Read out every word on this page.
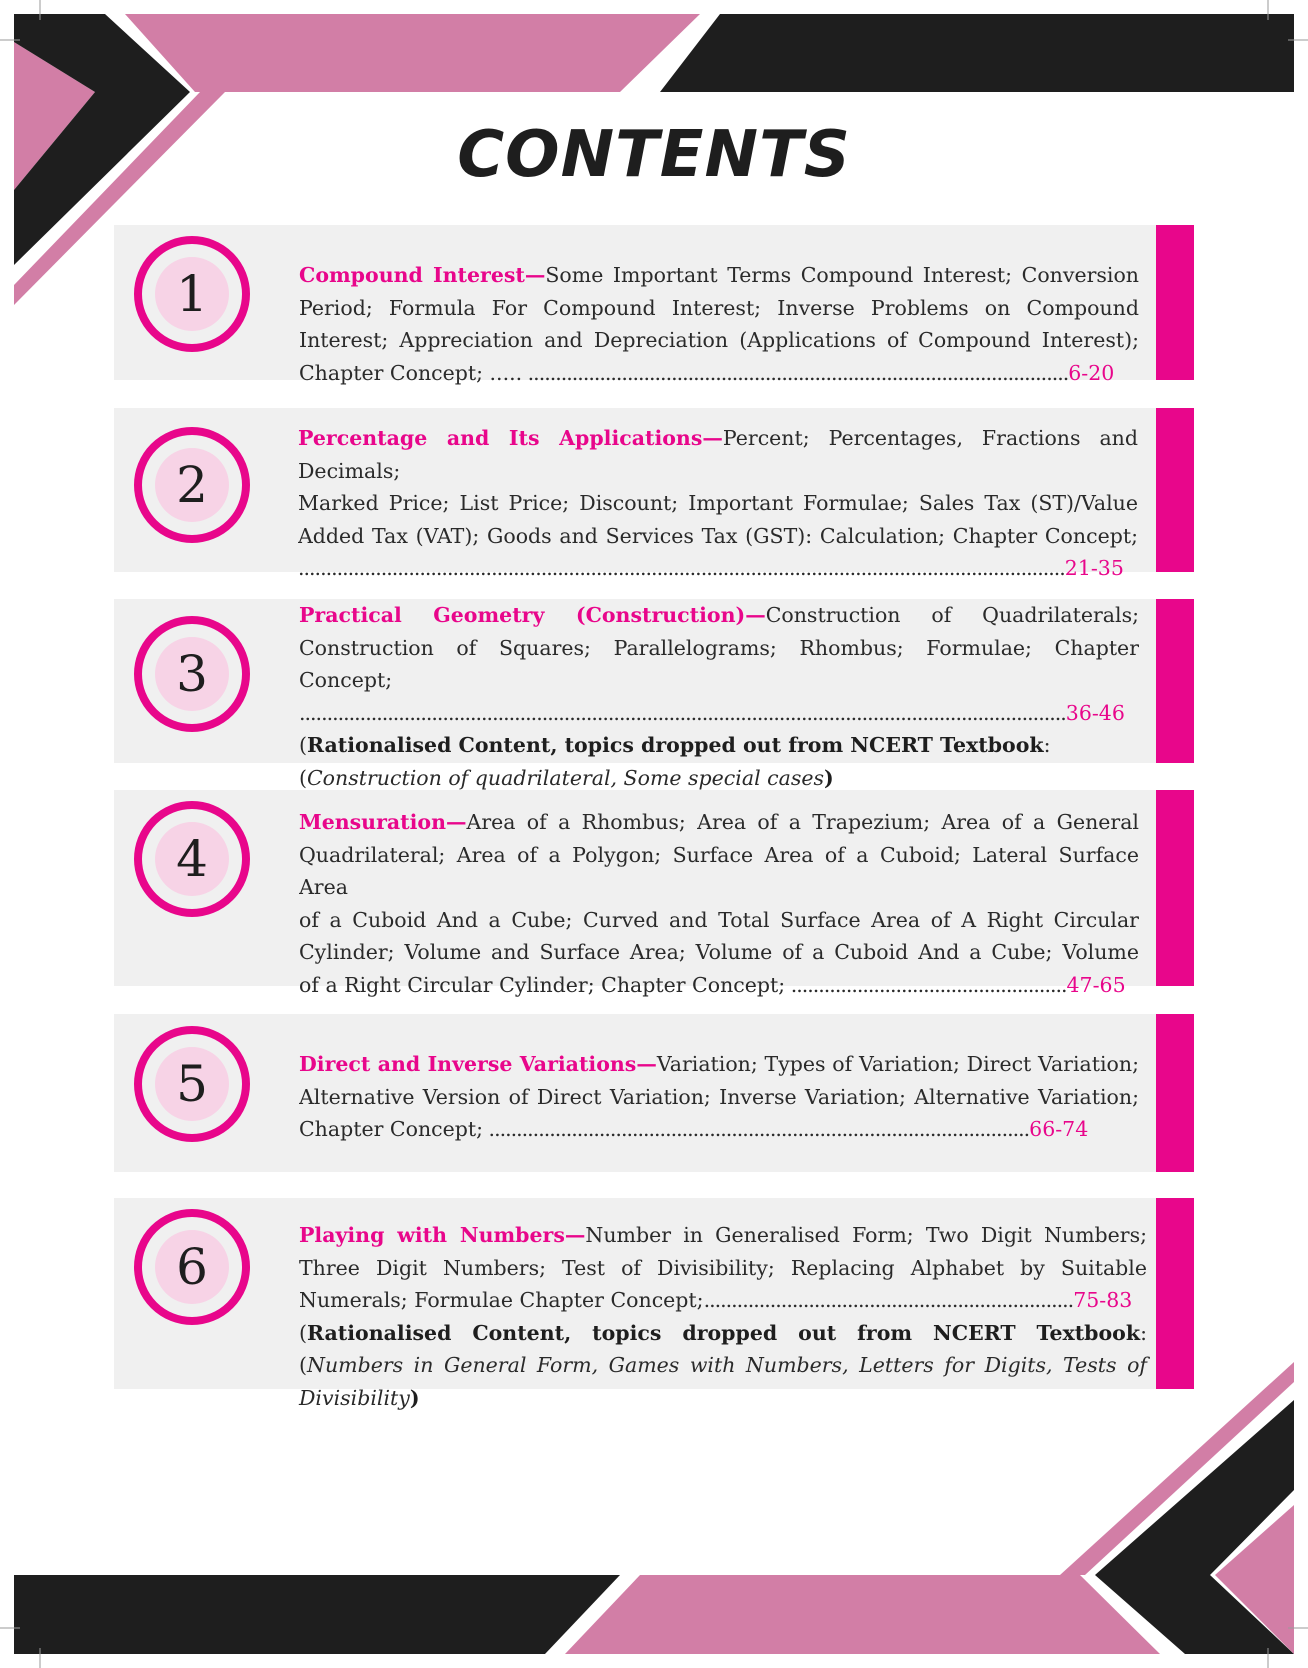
CONTENTS
1	Compound Interest—Some Important Terms Compound Interest; Conversion
Period; Formula For Compound Interest; Inverse Problems on Compound
Interest; Appreciation and Depreciation (Applications of Compound Interest);
Chapter Concept; ..... ..................................................................................................6-20
2
Percentage and Its Applications—Percent; Percentages, Fractions and Decimals;
Marked Price; List Price; Discount; Important Formulae; Sales Tax (ST)/Value
Added Tax (VAT); Goods and Services Tax (GST): Calculation; Chapter Concept;
...........................................................................................................................................21-35
3
Practical Geometry (Construction)—Construction of Quadrilaterals;
Construction of Squares; Parallelograms; Rhombus; Formulae; Chapter Concept;
...........................................................................................................................................36-46
(Rationalised Content, topics dropped out from NCERT Textbook: (Construction of quadrilateral, Some special cases)
4
Mensuration—Area of a Rhombus; Area of a Trapezium; Area of a General
Quadrilateral; Area of a Polygon; Surface Area of a Cuboid; Lateral Surface Area
of a Cuboid And a Cube; Curved and Total Surface Area of A Right Circular
Cylinder; Volume and Surface Area; Volume of a Cuboid And a Cube; Volume
of a Right Circular Cylinder; Chapter Concept; ..................................................47-65
5	Direct and Inverse Variations—Variation; Types of Variation; Direct Variation;
Alternative Version of Direct Variation; Inverse Variation; Alternative Variation;
Chapter Concept; ..................................................................................................66-74
6
Playing with Numbers—Number in Generalised Form; Two Digit Numbers;
Three Digit Numbers; Test of Divisibility; Replacing Alphabet by Suitable
Numerals; Formulae Chapter Concept;...................................................................75-83
(Rationalised Content, topics dropped out from NCERT Textbook: (Numbers in General Form, Games with Numbers, Letters for Digits, Tests of Divisibility)
